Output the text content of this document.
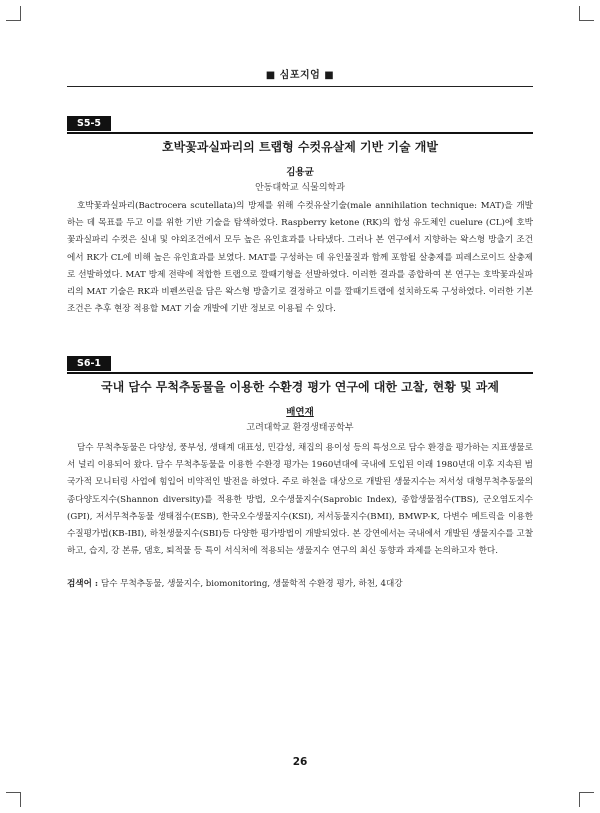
■ 심포지엄 ■
S5-5
호박꽃과실파리의 트랩형 수컷유살제 기반 기술 개발
김용균
안동대학교 식물의학과

호박꽃과실파리(Bactrocera scutellata)의 방제를 위해 수컷유살기술(male annihilation technique: MAT)을 개발하는 데 목표를 두고 이를 위한 기반 기술을 탐색하였다. Raspberry ketone (RK)의 합성 유도체인 cuelure (CL)에 호박꽃과실파리 수컷은 실내 및 야외조건에서 모두 높은 유인효과를 나타냈다. 그러나 본 연구에서 지향하는 왁스형 방출기 조건에서 RK가 CL에 비해 높은 유인효과를 보였다. MAT를 구성하는 데 유인물질과 함께 포함될 살충제를 피레스로이드 살충제로 선발하였다. MAT 방제 전략에 적합한 트랩으로 깔때기형을 선발하였다. 이러한 결과를 종합하여 본 연구는 호박꽃과실파리의 MAT 기술은 RK과 비펜쓰린을 담은 왁스형 방출기로 결정하고 이를 깔때기트랩에 설치하도록 구성하였다. 이러한 기본 조건은 추후 현장 적용할 MAT 기술 개발에 기반 정보로 이용될 수 있다.

S6-1
국내 담수 무척추동물을 이용한 수환경 평가 연구에 대한 고찰, 현황 및 과제
배연재
고려대학교 환경생태공학부

담수 무척추동물은 다양성, 풍부성, 생태계 대표성, 민감성, 채집의 용이성 등의 특성으로 담수 환경을 평가하는 지표생물로서 널리 이용되어 왔다. 담수 무척추동물을 이용한 수환경 평가는 1960년대에 국내에 도입된 이래 1980년대 이후 지속된 범국가적 모니터링 사업에 힘입어 비약적인 발전을 하였다. 주로 하천을 대상으로 개발된 생물지수는 저서성 대형무척추동물의 종다양도지수(Shannon diversity)를 적용한 방법, 오수생물지수(Saprobic Index), 종합생물점수(TBS), 군오염도지수(GPI), 저서무척추동물 생태점수(ESB), 한국오수생물지수(KSI), 저서동물지수(BMI), BMWP-K, 다변수 메트릭을 이용한 수질평가법(KB-IBI), 하천생물지수(SBI)등 다양한 평가방법이 개발되었다. 본 강연에서는 국내에서 개발된 생물지수를 고찰하고, 습지, 강 본류, 댐호, 퇴적물 등 특이 서식처에 적용되는 생물지수 연구의 최신 동향과 과제를 논의하고자 한다.

검색어 : 담수 무척추동물, 생물지수, biomonitoring, 생물학적 수환경 평가, 하천, 4대강
26
